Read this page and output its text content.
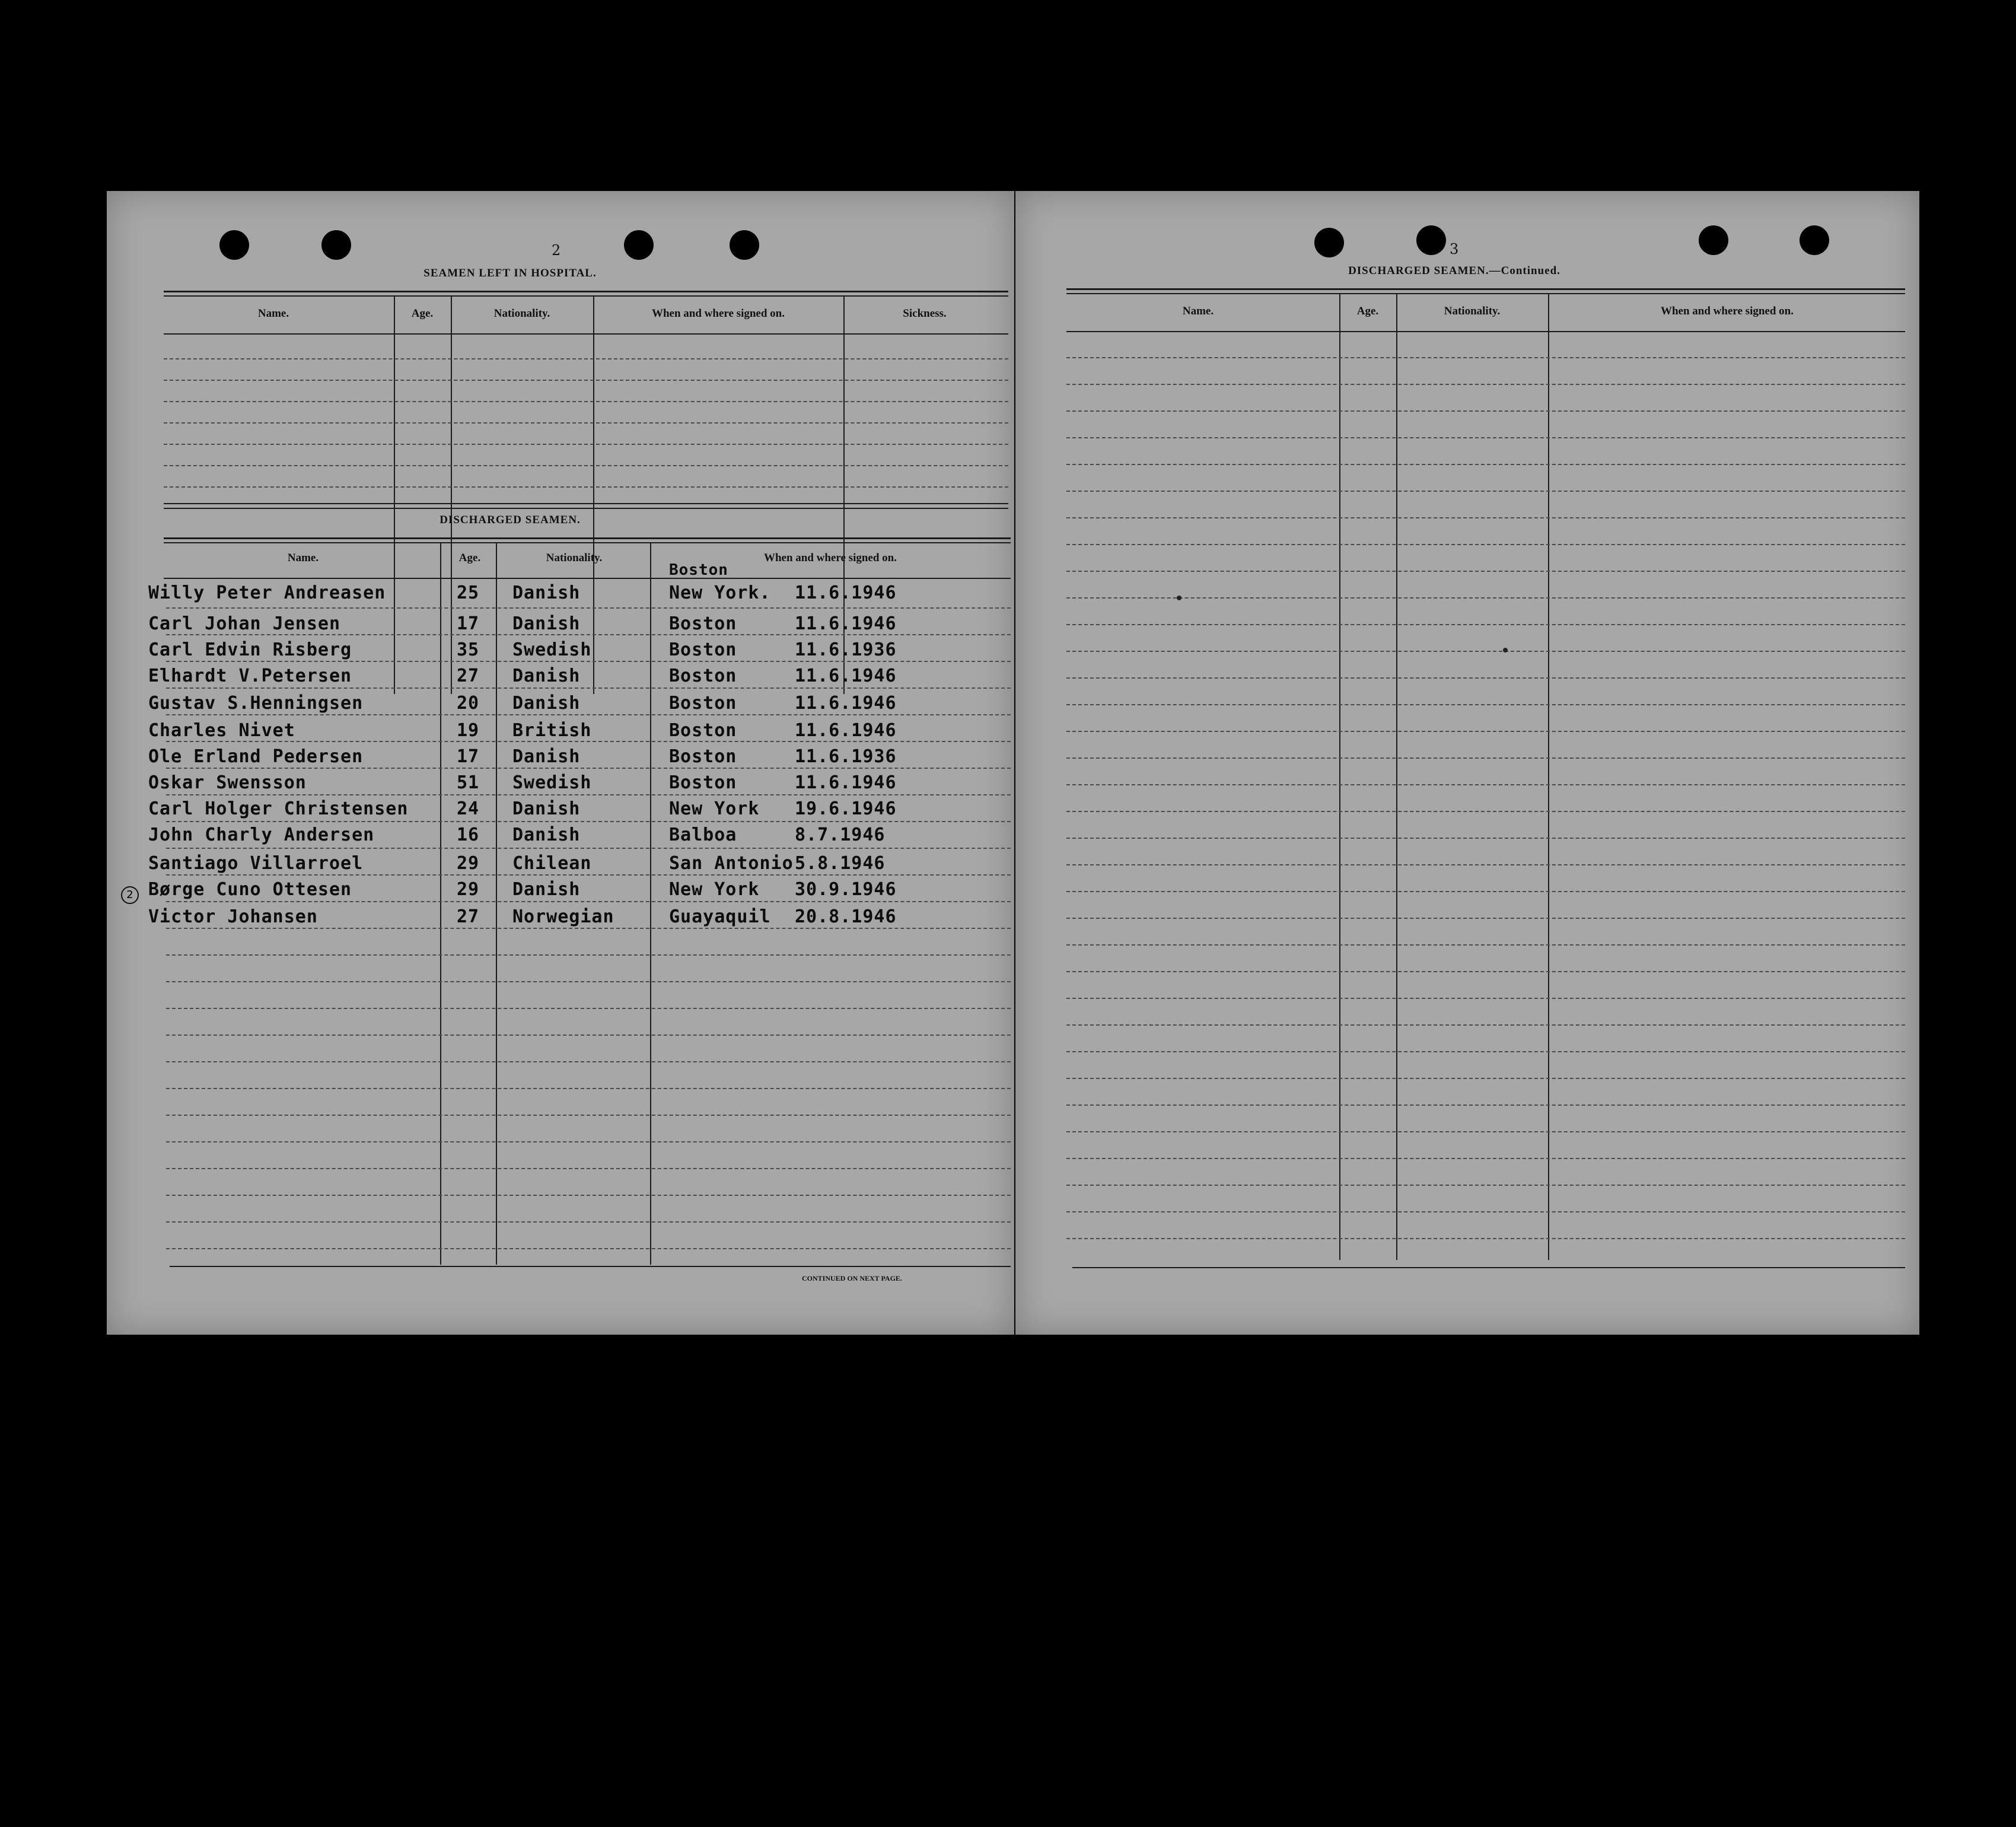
2
SEAMEN LEFT IN HOSPITAL.
Name.	Age.	Nationality.	When and where signed on.	Sickness.
DISCHARGED SEAMEN.
Name.	Age.	Nationality.	When and where signed on.
Willy Peter Andreasen	25 Danish	New York. 11.6.1946
Carl Johan Jensen	17 Danish	Boston	11.6.1946
Carl Edvin Risberg	35 Swedish	Boston	11.6.1936
Elhardt V.Petersen	27 Danish	Boston	11.6.1946
Gustav S.Henningsen	20 Danish	Boston	11.6.1946
Charles Nivet	19 British	Boston	11.6.1946
Ole Erland Pedersen	17 Danish	Boston	11.6.1936
Oskar Swensson	51 Swedish	Boston	11.6.1946
Carl Holger Christensen	24 Danish	New York 19.6.1946
John Charly Andersen	16 Danish	Balboa	8.7.1946
Santiago Villarroel	29 Chilean	San Antonio 5.8.1946
Børge Cuno Ottesen	29 Danish	New York 30.9.1946
Victor Johansen	27 Norwegian	Guayaquil 20.8.1946
Boston
2
CONTINUED ON NEXT PAGE.
3
DISCHARGED SEAMEN.—Continued.
Name.	Age.	Nationality.	When and where signed on.
